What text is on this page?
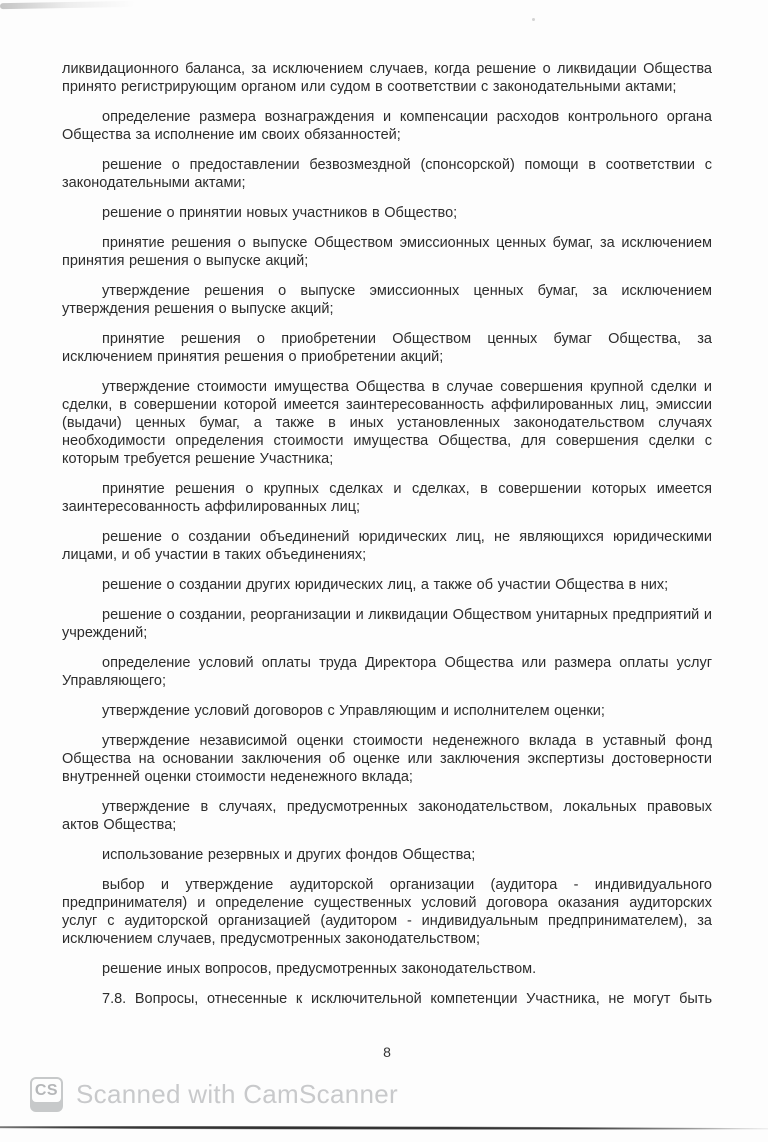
ликвидационного баланса, за исключением случаев, когда решение о ликвидации Общества принято регистрирующим органом или судом в соответствии с законодательными актами;

определение размера вознаграждения и компенсации расходов контрольного органа Общества за исполнение им своих обязанностей;

решение о предоставлении безвозмездной (спонсорской) помощи в соответствии с законодательными актами;

решение о принятии новых участников в Общество;

принятие решения о выпуске Обществом эмиссионных ценных бумаг, за исключением принятия решения о выпуске акций;

утверждение решения о выпуске эмиссионных ценных бумаг, за исключением утверждения решения о выпуске акций;

принятие решения о приобретении Обществом ценных бумаг Общества, за исключением принятия решения о приобретении акций;

утверждение стоимости имущества Общества в случае совершения крупной сделки и сделки, в совершении которой имеется заинтересованность аффилированных лиц, эмиссии (выдачи) ценных бумаг, а также в иных установленных законодательством случаях необходимости определения стоимости имущества Общества, для совершения сделки с которым требуется решение Участника;

принятие решения о крупных сделках и сделках, в совершении которых имеется заинтересованность аффилированных лиц;

решение о создании объединений юридических лиц, не являющихся юридическими лицами, и об участии в таких объединениях;

решение о создании других юридических лиц, а также об участии Общества в них;

решение о создании, реорганизации и ликвидации Обществом унитарных предприятий и учреждений;

определение условий оплаты труда Директора Общества или размера оплаты услуг Управляющего;

утверждение условий договоров с Управляющим и исполнителем оценки;

утверждение независимой оценки стоимости неденежного вклада в уставный фонд Общества на основании заключения об оценке или заключения экспертизы достоверности внутренней оценки стоимости неденежного вклада;

утверждение в случаях, предусмотренных законодательством, локальных правовых актов Общества;

использование резервных и других фондов Общества;

выбор и утверждение аудиторской организации (аудитора - индивидуального предпринимателя) и определение существенных условий договора оказания аудиторских услуг с аудиторской организацией (аудитором - индивидуальным предпринимателем), за исключением случаев, предусмотренных законодательством;

решение иных вопросов, предусмотренных законодательством.

7.8. Вопросы, отнесенные к исключительной компетенции Участника, не могут быть

8
CS Scanned with CamScanner
